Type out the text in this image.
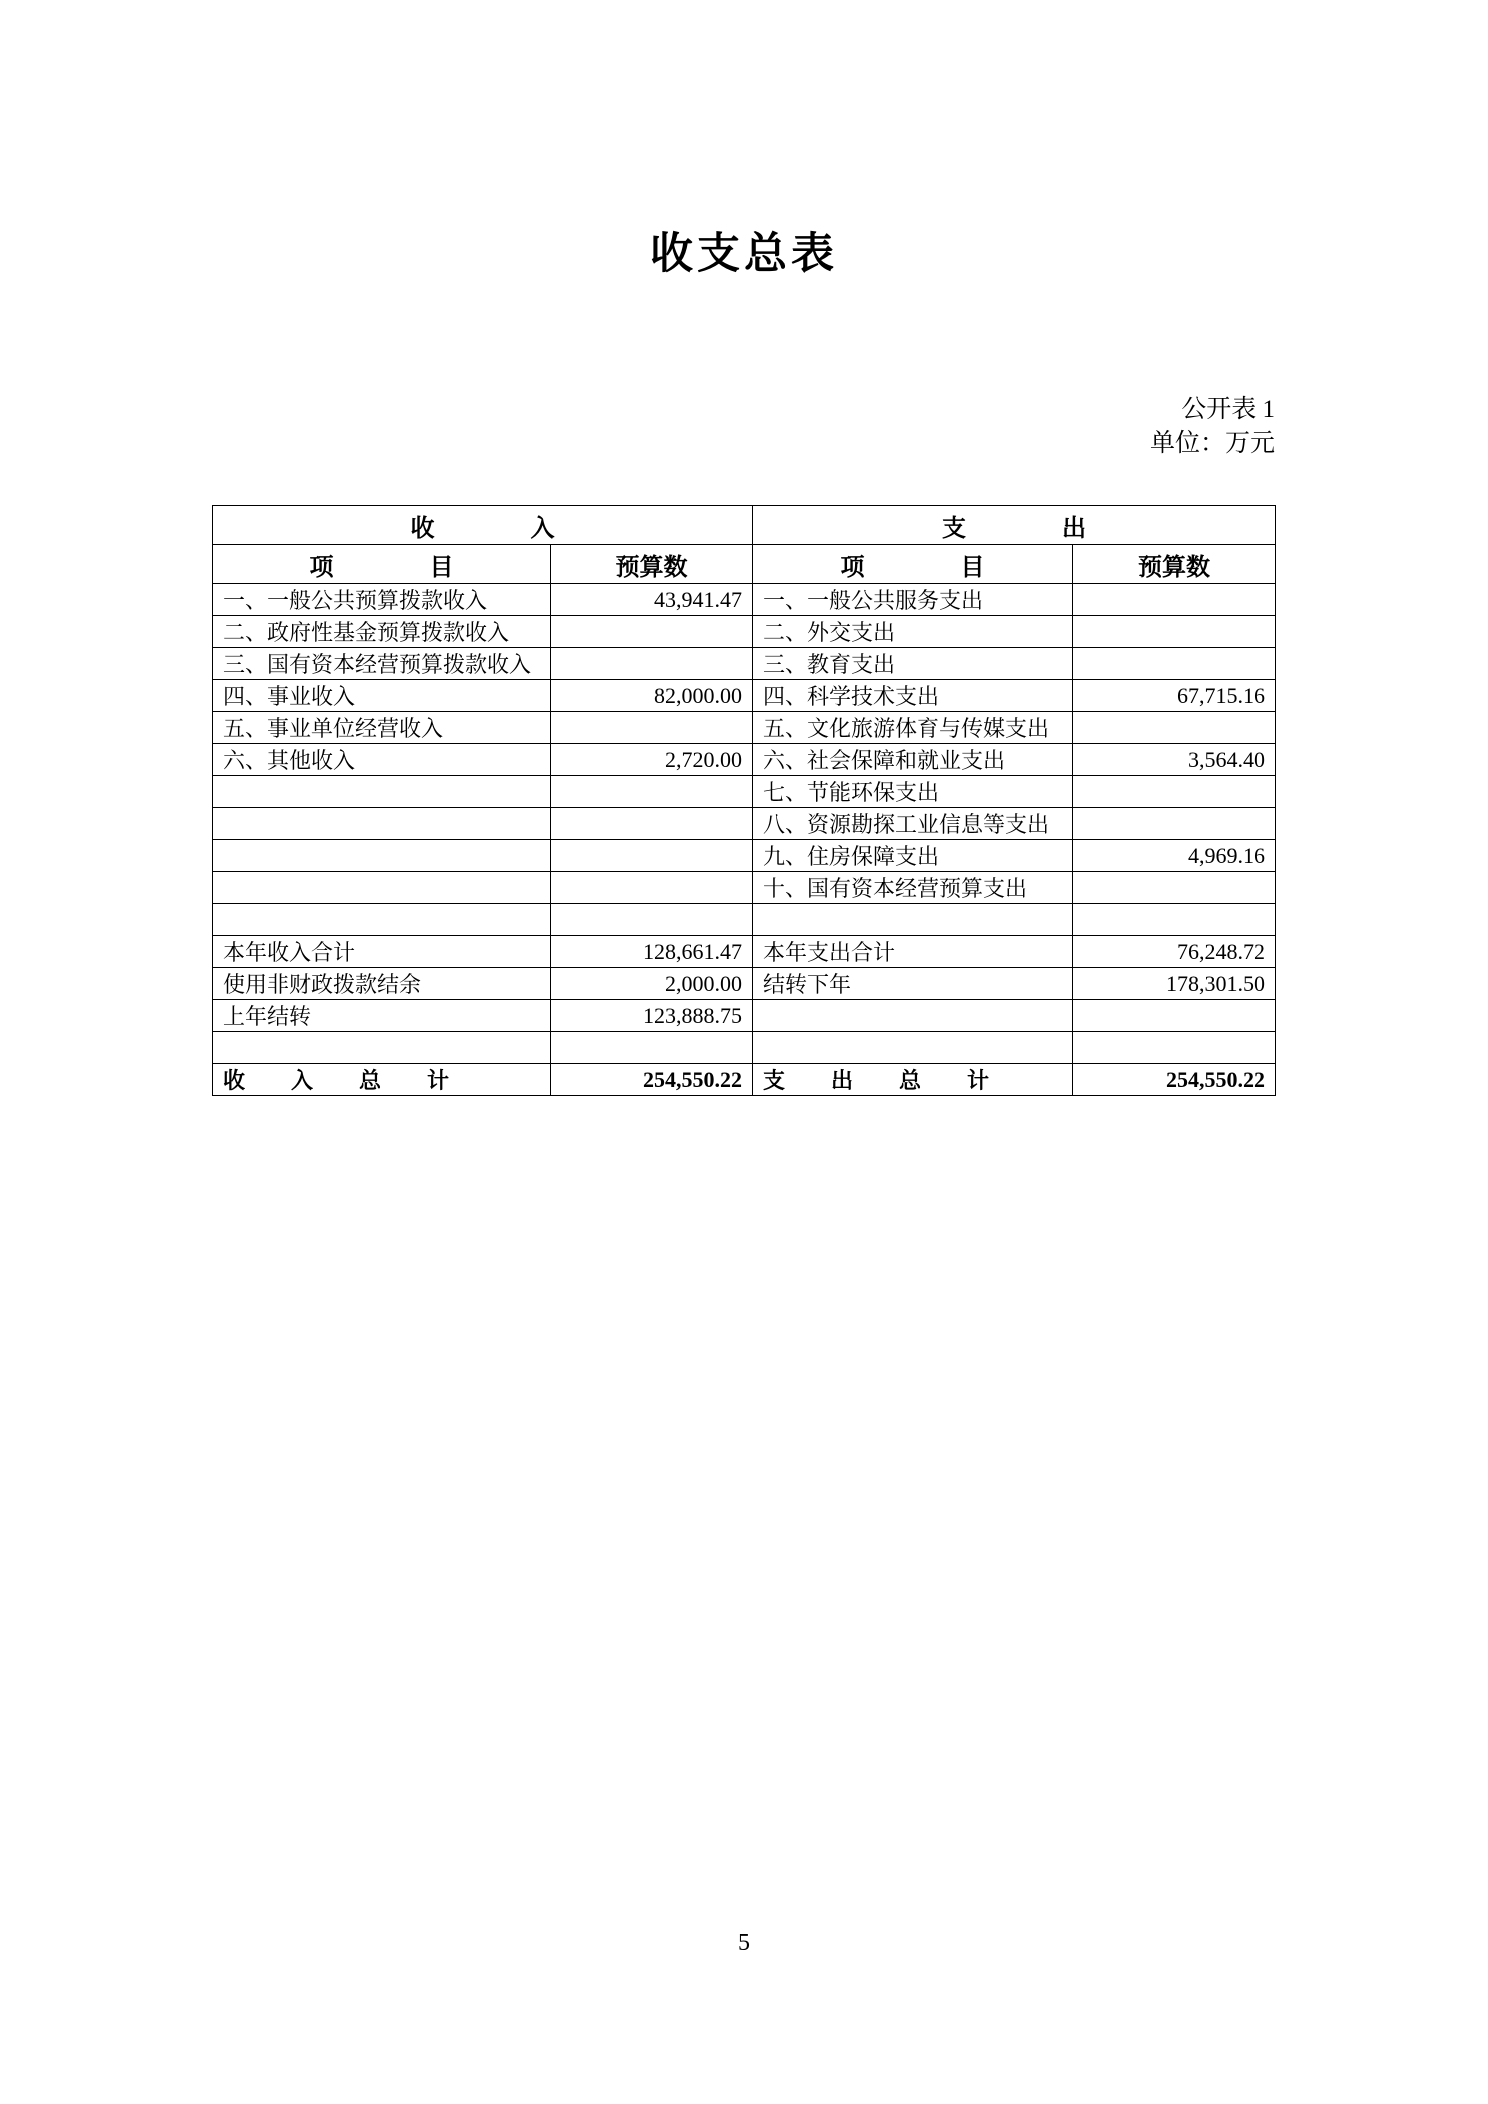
收支总表
公开表 1
单位：万元
收　　入		支　　出	
项　　目	预算数	项　　目	预算数
一、一般公共预算拨款收入	43,941.47	一、一般公共服务支出	
二、政府性基金预算拨款收入		二、外交支出	
三、国有资本经营预算拨款收入		三、教育支出	
四、事业收入	82,000.00	四、科学技术支出	67,715.16
五、事业单位经营收入		五、文化旅游体育与传媒支出	
六、其他收入	2,720.00	六、社会保障和就业支出	3,564.40
		七、节能环保支出	
		八、资源勘探工业信息等支出	
		九、住房保障支出	4,969.16
		十、国有资本经营预算支出	

本年收入合计	128,661.47	本年支出合计	76,248.72
使用非财政拨款结余	2,000.00	结转下年	178,301.50
上年结转	123,888.75		

收　入　总　计	254,550.22	支　出　总　计	254,550.22
5
